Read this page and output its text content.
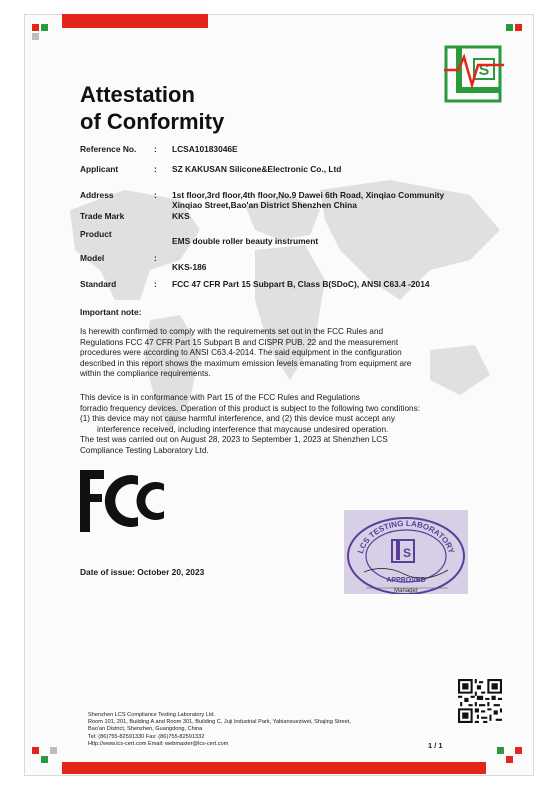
Attestation
of Conformity
S
Reference No.	: LCSA10183046E
Applicant	: SZ KAKUSAN Silicone&Electronic Co., Ltd
Address	: 1st floor,3rd floor,4th floor,No.9 Dawei 6th Road, Xinqiao Community Xinqiao Street,Bao'an District Shenzhen China
Trade Mark	KKS
Product
EMS double roller beauty instrument
Model	:
KKS-186
Standard	: FCC 47 CFR Part 15 Subpart B, Class B(SDoC), ANSI C63.4 -2014
Important note:
Is herewith confirmed to comply with the requirements set out in the FCC Rules and
Regulations FCC 47 CFR Part 15 Subpart B and CISPR PUB. 22 and the measurement
procedures were according to ANSI C63.4-2014. The said equipment in the configuration
described in this report shows the maximum emission levels emanating from equipment are
within the compliance requirements.
This device is in conformance with Part 15 of the FCC Rules and Regulations
forradio frequency devices. Operation of this product is subject to the following two conditions:
(1) this device may not cause harmful interference, and (2) this device must accept any
interference received, including interference that maycause undesired operation.
The test was carried out on August 28, 2023 to September 1, 2023 at Shenzhen LCS
Compliance Testing Laboratory Ltd.
LCS TESTING LABORATORY
S
APPROVED
Manager
Date of issue: October 20, 2023
Shenzhen LCS Compliance Testing Laboratory Ltd.
Room 101, 201, Building A and Room 301, Building C, Juji Industrial Park, Yabianxueziwei, Shajing Street,
Bao'an District, Shenzhen, Guangdong, China
Tel: (86)755-82591330 Fax: (86)755-82591332
Http://www.lcs-cert.com Email: webmaster@lcs-cert.com	1 / 1
